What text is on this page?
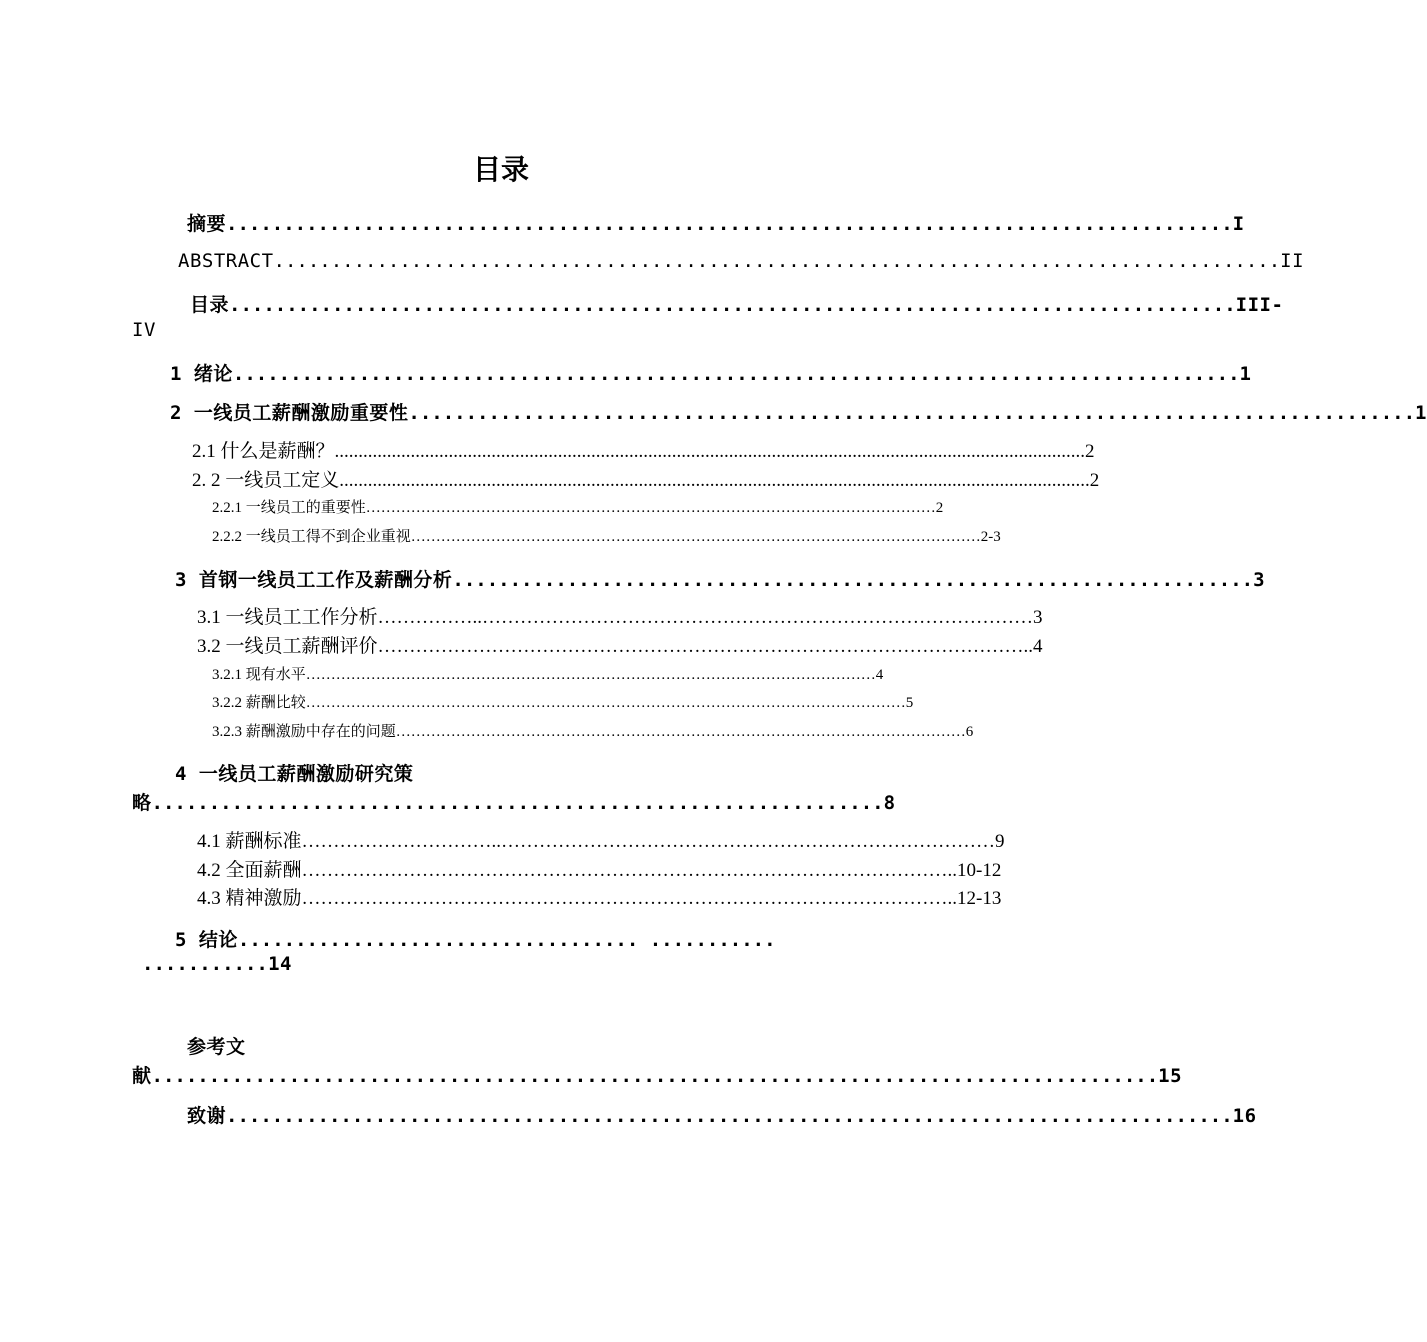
目录
摘要 ........................................................................................ I
ABSTRACT ........................................................................................ II
目录 ........................................................................................ III-
IV
1 绪论 ........................................................................................ 1
2 一线员工薪酬激励重要性 ........................................................................................ 1
2.1 什么是薪酬？ .............................................................................................................................................................. 2
2. 2 一线员工定义 .............................................................................................................................................................. 2
2.2.1 一线员工的重要性 …………………………………………………………………………………………………… 2
2.2.2 一线员工得不到企业重视 …………………………………………………………………………………………………… 2-3
3 首钢一线员工工作及薪酬分析 ...................................................................... 3
3.1 一线员工工作分析 ……………..…………………………………………………………………………… 3
3.2 一线员工薪酬评价 ………………………………………………………………………………………….. 4
3.2.1 现有水平 …………………………………………………………………………………………………… 4
3.2.2 薪酬比较 ………………………………………………………………………………………………………… 5
3.2.3 薪酬激励中存在的问题 …………………………………………………………………………………………………… 6
4 一线员工薪酬激励研究策
略 ................................................................ 8
4.1 薪酬标准 …………………………..…………………………………………………………………… 9
4.2 全面薪酬 ………………………………………………………………………………………….. 10-12
4.3 精神激励 ………………………………………………………………………………………….. 12-13
5 结论 ................................... ...........
........... 14
参考文
献 ........................................................................................ 15
致谢 ........................................................................................ 16
